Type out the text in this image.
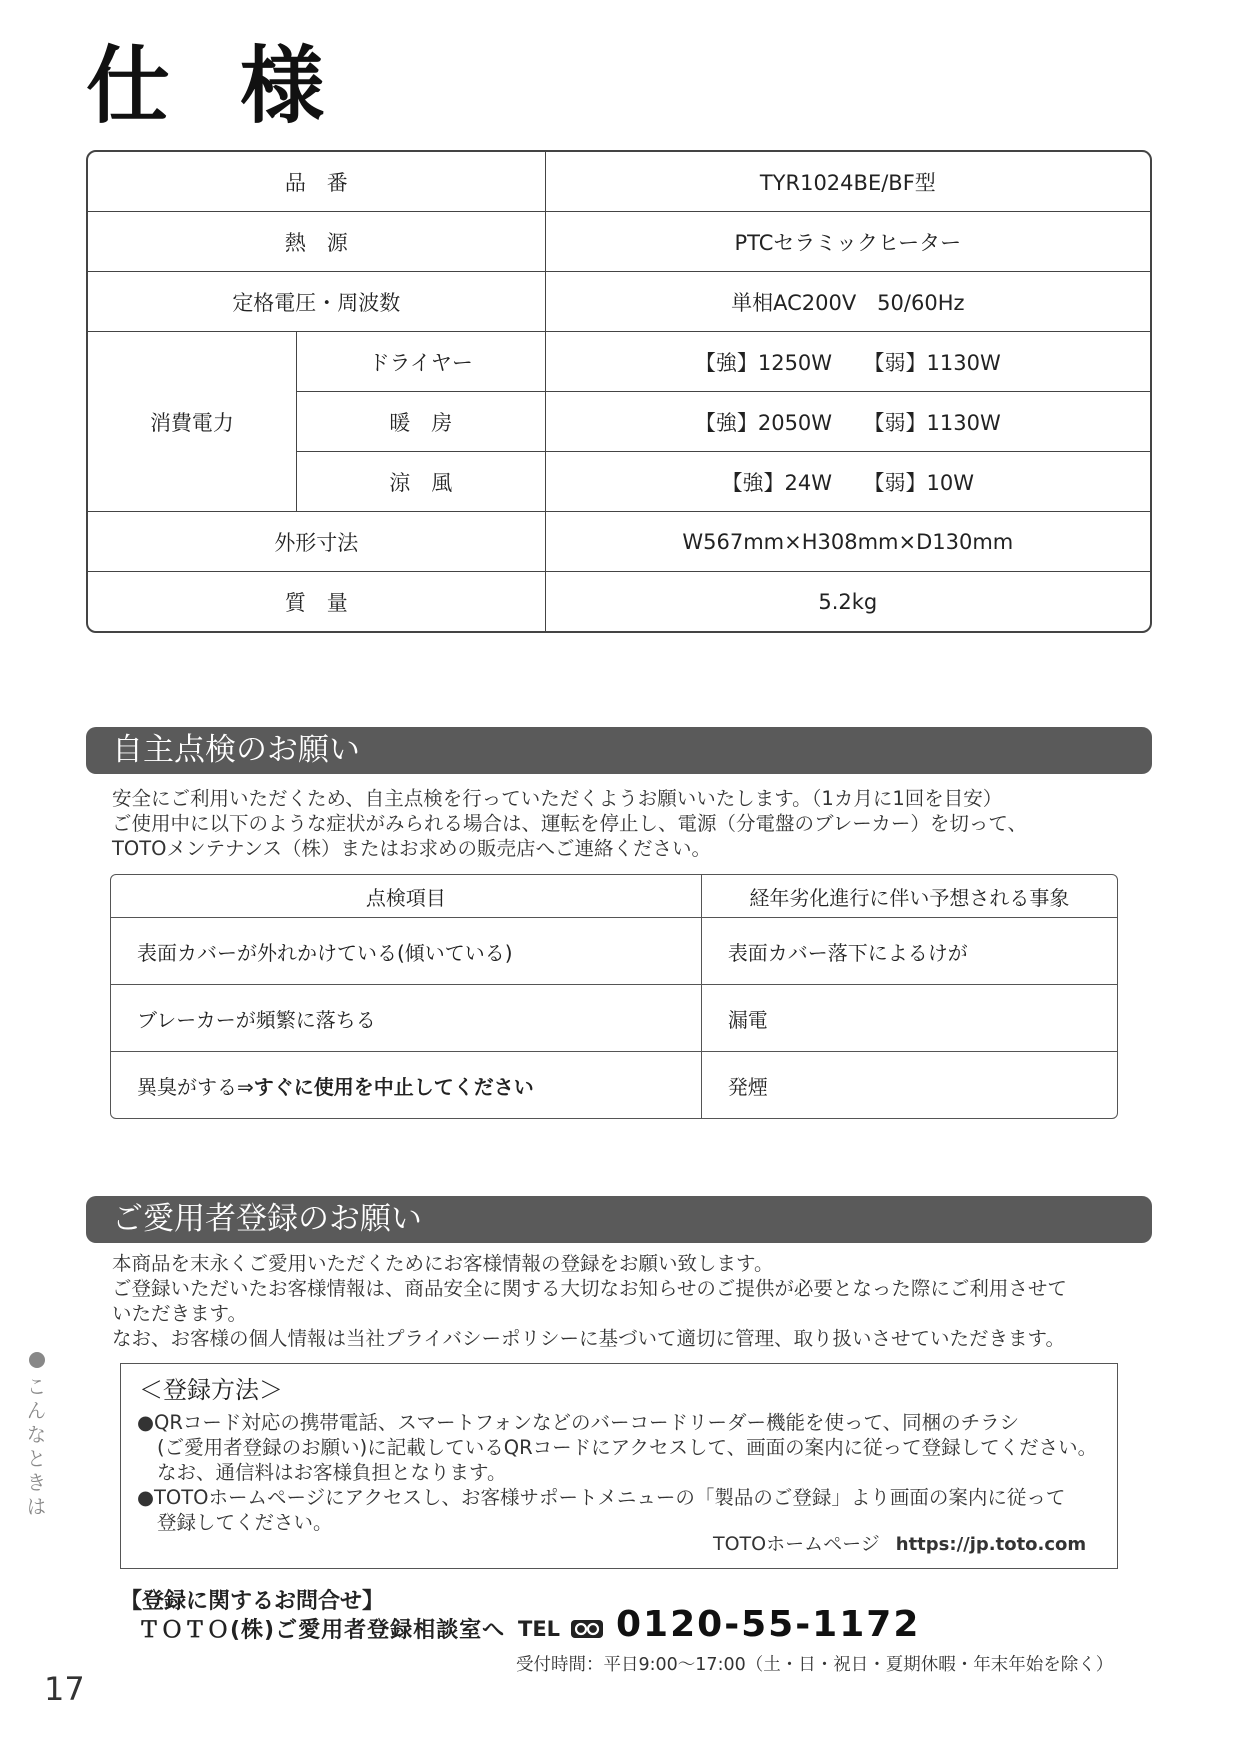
仕様
品　番		TYR1024BE/BF型
熱　源		PTCセラミックヒーター
定格電圧・周波数		単相AC200V　50/60Hz
消費電力	ドライヤー	【強】1250W　　【弱】1130W
	暖　房	【強】2050W　　【弱】1130W
	涼　風	【強】24W　　【弱】10W
外形寸法		W567mm×H308mm×D130mm
質　量		5.2kg
自主点検のお願い
安全にご利用いただくため、自主点検を行っていただくようお願いいたします。（1カ月に1回を目安）
ご使用中に以下のような症状がみられる場合は、運転を停止し、電源（分電盤のブレーカー）を切って、
TOTOメンテナンス（株）またはお求めの販売店へご連絡ください。
点検項目	経年劣化進行に伴い予想される事象
表面カバーが外れかけている(傾いている)	表面カバー落下によるけが
ブレーカーが頻繁に落ちる	漏電
異臭がする⇒すぐに使用を中止してください	発煙
ご愛用者登録のお願い
本商品を末永くご愛用いただくためにお客様情報の登録をお願い致します。
ご登録いただいたお客様情報は、商品安全に関する大切なお知らせのご提供が必要となった際にご利用させて
いただきます。
なお、お客様の個人情報は当社プライバシーポリシーに基づいて適切に管理、取り扱いさせていただきます。
＜登録方法＞
●QRコード対応の携帯電話、スマートフォンなどのバーコードリーダー機能を使って、同梱のチラシ
(ご愛用者登録のお願い)に記載しているQRコードにアクセスして、画面の案内に従って登録してください。
なお、通信料はお客様負担となります。
●TOTOホームページにアクセスし、お客様サポートメニューの「製品のご登録」より画面の案内に従って
登録してください。
TOTOホームページ https://jp.toto.com
こんなときは
【登録に関するお問合せ】
ＴＯＴＯ(株)ご愛用者登録相談室へ TEL 0120-55-1172
受付時間：平日9:00〜17:00（土・日・祝日・夏期休暇・年末年始を除く）
17
